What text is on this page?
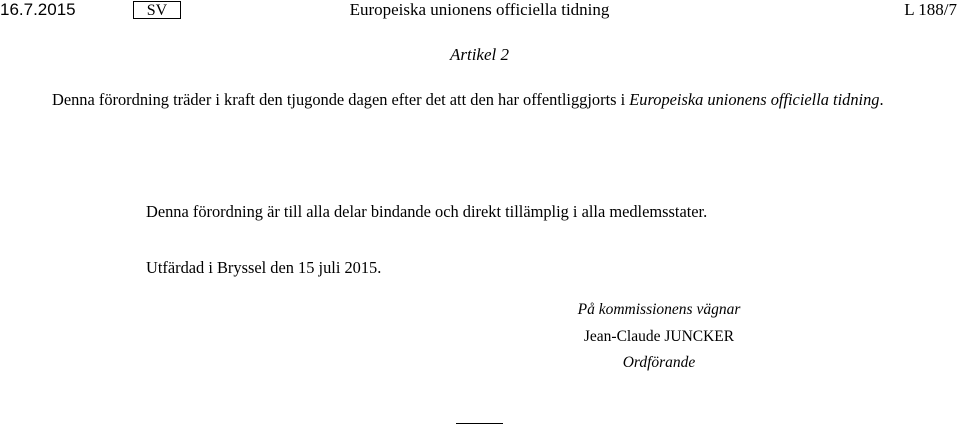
16.7.2015	SV	Europeiska unionens officiella tidning	L 188/7
Artikel 2
Denna förordning träder i kraft den tjugonde dagen efter det att den har offentliggjorts i Europeiska unionens officiella tidning.
Denna förordning är till alla delar bindande och direkt tillämplig i alla medlemsstater.
Utfärdad i Bryssel den 15 juli 2015.
På kommissionens vägnar
Jean-Claude JUNCKER
Ordförande
